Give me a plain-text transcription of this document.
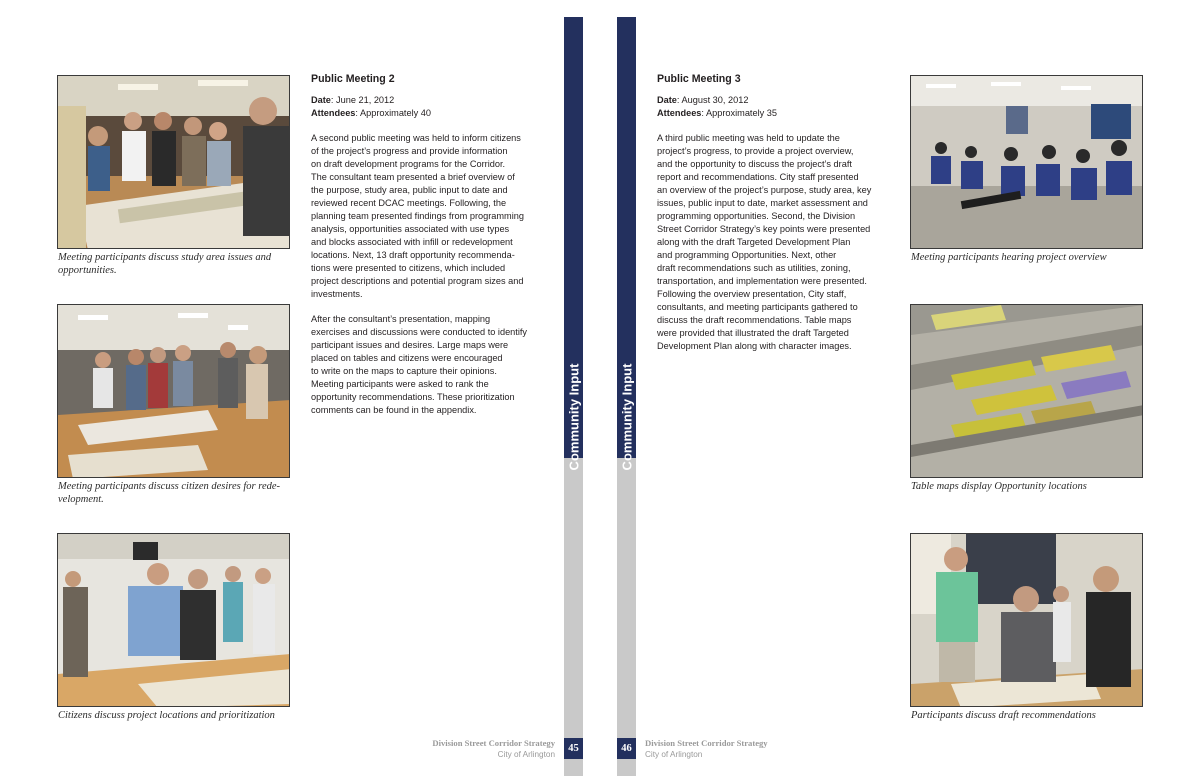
Meeting participants discuss study area issues and opportunities.
Meeting participants discuss citizen desires for rede- velopment.
Citizens discuss project locations and prioritization
Public Meeting 2
Date: June 21, 2012
Attendees: Approximately 40
A second public meeting was held to inform citizens
of the project’s progress and provide information
on draft development programs for the Corridor.
The consultant team presented a brief overview of
the purpose, study area, public input to date and
reviewed recent DCAC meetings. Following, the
planning team presented findings from programming
analysis, opportunities associated with use types
and blocks associated with infill or redevelopment
locations. Next, 13 draft opportunity recommenda-
tions were presented to citizens, which included
project descriptions and potential program sizes and
investments.
After the consultant’s presentation, mapping
exercises and discussions were conducted to identify
participant issues and desires. Large maps were
placed on tables and citizens were encouraged
to write on the maps to capture their opinions.
Meeting participants were asked to rank the
opportunity recommendations. These prioritization
comments can be found in the appendix.	Community Input
45
Division Street Corridor Strategy
City of Arlington
Community Input
46	Division Street Corridor Strategy
City of Arlington
Public Meeting 3
Date: August 30, 2012
Attendees: Approximately 35
A third public meeting was held to update the
project’s progress, to provide a project overview,
and the opportunity to discuss the project’s draft
report and recommendations. City staff presented
an overview of the project’s purpose, study area, key
issues, public input to date, market assessment and
programming opportunities. Second, the Division
Street Corridor Strategy’s key points were presented
along with the draft Targeted Development Plan
and programming Opportunities. Next, other
draft recommendations such as utilities, zoning,
transportation, and implementation were presented.
Following the overview presentation, City staff,
consultants, and meeting participants gathered to
discuss the draft recommendations. Table maps
were provided that illustrated the draft Targeted
Development Plan along with character images.
Meeting participants hearing project overview
Table maps display Opportunity locations
Participants discuss draft recommendations
